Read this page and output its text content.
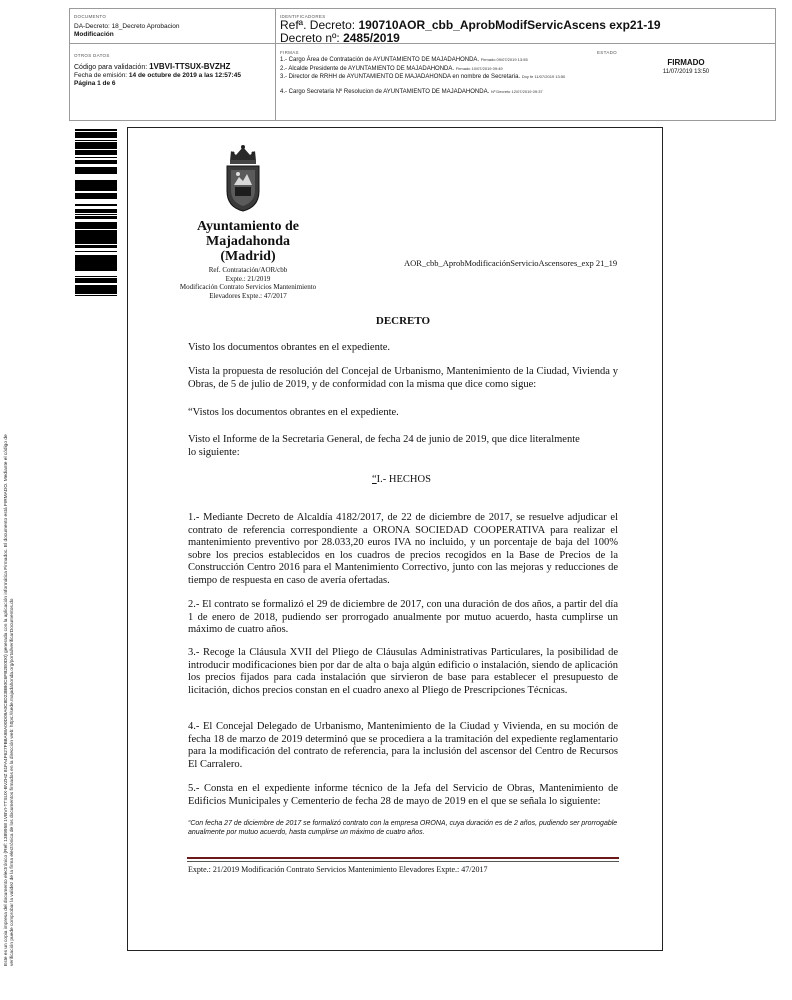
DOCUMENTO
DA-Decreto: 18_Decreto Aprobacion
Modificación
IDENTIFICADORES
Refª. Decreto: 190710AOR_cbb_AprobModifServicAscens exp21-19
Decreto nº: 2485/2019
OTROS DATOS
Código para validación: 1VBVI-TTSUX-BVZHZ
Fecha de emisión: 14 de octubre de 2019 a las 12:57:45
Página 1 de 6
FIRMAS	ESTADO
1.- Cargo Área de Contratación de AYUNTAMIENTO DE MAJADAHONDA. Firmado 09/07/2019 13:55
2.- Alcalde Presidente de AYUNTAMIENTO DE MAJADAHONDA. Firmado 10/07/2019 09:49
3.- Director de RRHH de AYUNTAMIENTO DE MAJADAHONDA en nombre de Secretaria. Doy fe 11/07/2019 13:50
4.- Cargo Secretaria Nº Resolucion de AYUNTAMIENTO DE MAJADAHONDA. Nº Decreto 12/07/2019 09:37
FIRMADO
11/07/2019 13:50
Este es un copia impresa del documento electrónico (Ref: 1389958 1VBVI-TTSUX-BVZHZ 81FA4F627FB8A98A00D09A0C8D23BB0C6FB2E0D0) generada con la aplicación informática Firmadoc. El documento está FIRMADO. Mediante el código de verificación puede comprobar la validez de la firma electrónica de los documentos firmados en la dirección web: https://sede.majadahonda.org/portal/verificarDocumentos.do
Ayuntamiento de
Majadahonda
(Madrid)
Ref. Contratación/AOR/cbb
Expte.: 21/2019
Modificación Contrato Servicios Mantenimiento
Elevadores Expte.: 47/2017
AOR_cbb_AprobModificaciónServicioAscensores_exp 21_19
DECRETO

Visto los documentos obrantes en el expediente.

Vista la propuesta de resolución del Concejal de Urbanismo, Mantenimiento de la Ciudad, Vivienda y Obras, de 5 de julio de 2019, y de conformidad con la misma que dice como sigue:

“Vistos los documentos obrantes en el expediente.

Visto el Informe de la Secretaria General, de fecha 24 de junio de 2019, que dice literalmente lo siguiente:

“I.- HECHOS

1.- Mediante Decreto de Alcaldía 4182/2017, de 22 de diciembre de 2017, se resuelve adjudicar el contrato de referencia correspondiente a ORONA SOCIEDAD COOPERATIVA para realizar el mantenimiento preventivo por 28.033,20 euros IVA no incluido, y un porcentaje de baja del 100% sobre los precios establecidos en los cuadros de precios recogidos en la Base de Precios de la Construcción Centro 2016 para el Mantenimiento Correctivo, junto con las mejoras y reducciones de tiempo de respuesta en caso de avería ofertadas.

2.- El contrato se formalizó el 29 de diciembre de 2017, con una duración de dos años, a partir del día 1 de enero de 2018, pudiendo ser prorrogado anualmente por mutuo acuerdo, hasta cumplirse un máximo de cuatro años.

3.- Recoge la Cláusula XVII del Pliego de Cláusulas Administrativas Particulares, la posibilidad de introducir modificaciones bien por dar de alta o baja algún edificio o instalación, siendo de aplicación los precios fijados para cada instalación que sirvieron de base para establecer el presupuesto de licitación, dichos precios constan en el cuadro anexo al Pliego de Prescripciones Técnicas.

4.- El Concejal Delegado de Urbanismo, Mantenimiento de la Ciudad y Vivienda, en su moción de fecha 18 de marzo de 2019 determinó que se procediera a la tramitación del expediente reglamentario para la modificación del contrato de referencia, para la inclusión del ascensor del Centro de Recursos El Carralero.

5.- Consta en el expediente informe técnico de la Jefa del Servicio de Obras, Mantenimiento de Edificios Municipales y Cementerio de fecha 28 de mayo de 2019 en el que se señala lo siguiente:

“Con fecha 27 de diciembre de 2017 se formalizó contrato con la empresa ORONA, cuya duración es de 2 años, pudiendo ser prorrogable anualmente por mutuo acuerdo, hasta cumplirse un máximo de cuatro años.
Expte.: 21/2019 Modificación Contrato Servicios Mantenimiento Elevadores Expte.: 47/2017
